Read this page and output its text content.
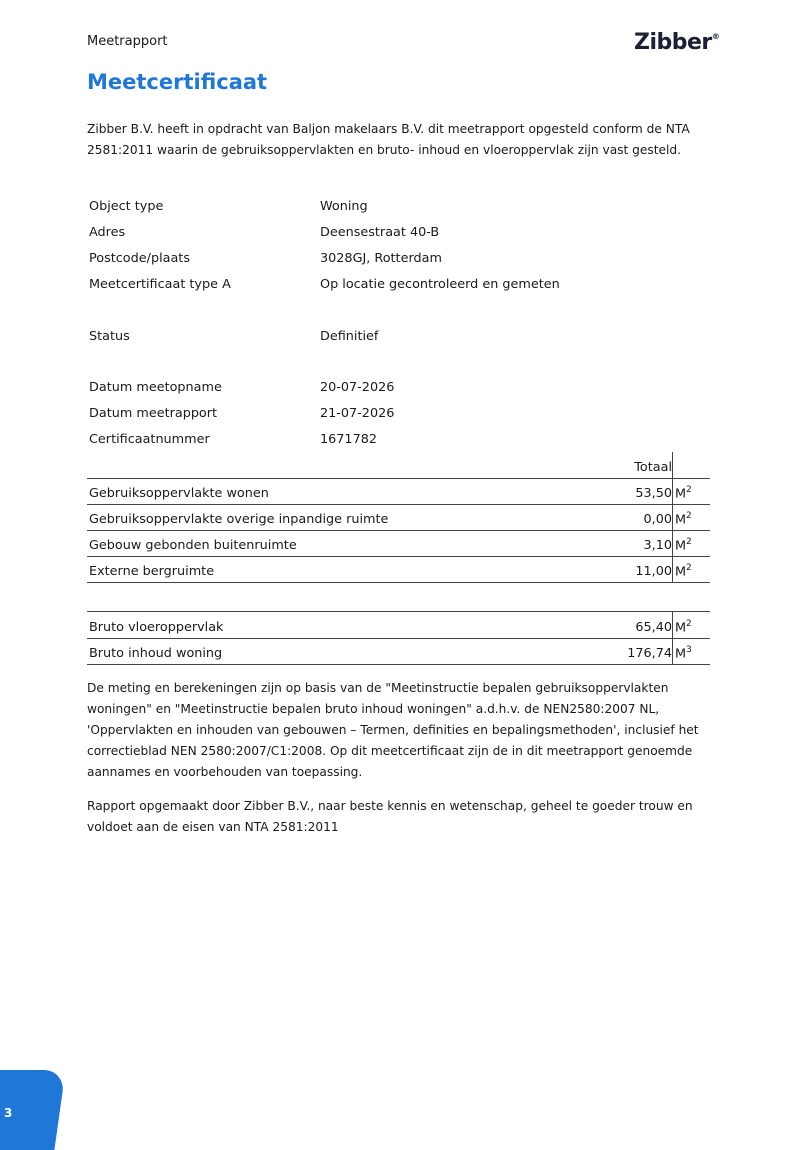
Meetrapport	Zibber®
Meetcertificaat

Zibber B.V. heeft in opdracht van Baljon makelaars B.V. dit meetrapport opgesteld conform de NTA 2581:2011 waarin de gebruiksoppervlakten en bruto- inhoud en vloeroppervlak zijn vast gesteld.

Object type	Woning
Adres	Deensestraat 40-B
Postcode/plaats	3028GJ, Rotterdam
Meetcertificaat type A	Op locatie gecontroleerd en gemeten
Status	Definitief
Datum meetopname	20-07-2026
Datum meetrapport	21-07-2026
Certificaatnummer	1671782
Totaal
Gebruiksoppervlakte wonen	53,50 $M^2$
Gebruiksoppervlakte overige inpandige ruimte	0,00 $M^2$
Gebouw gebonden buitenruimte	3,10 $M^2$
Externe bergruimte	11,00 $M^2$
Bruto vloeroppervlak	65,40 $M^2$
Bruto inhoud woning	176,74 $M^3$

De meting en berekeningen zijn op basis van de "Meetinstructie bepalen gebruiksoppervlakten woningen" en "Meetinstructie bepalen bruto inhoud woningen" a.d.h.v. de NEN2580:2007 NL, 'Oppervlakten en inhouden van gebouwen – Termen, definities en bepalingsmethoden', inclusief het correctieblad NEN 2580:2007/C1:2008. Op dit meetcertificaat zijn de in dit meetrapport genoemde aannames en voorbehouden van toepassing.

Rapport opgemaakt door Zibber B.V., naar beste kennis en wetenschap, geheel te goeder trouw en voldoet aan de eisen van NTA 2581:2011

3
